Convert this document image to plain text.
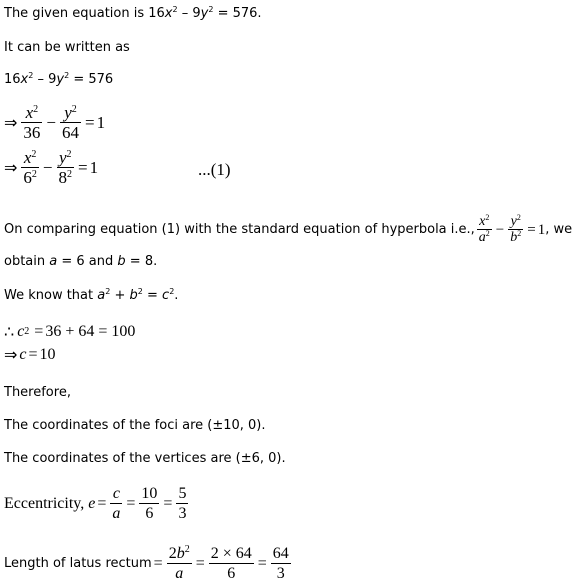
The given equation is $16x^2 - 9y^2 = 576$.
It can be written as
$16x^2 - 9y^2 = 576$
⇒ $\frac{x^2}{36} - \frac{y^2}{64} = 1$
⇒ $\frac{x^2}{6^2} - \frac{y^2}{8^2} = 1$	...(1)
On comparing equation (1) with the standard equation of hyperbola i.e., $\frac{x^2}{a^2} - \frac{y^2}{b^2} = 1$ , we
obtain a = 6 and b = 8.
We know that $a^2 + b^2 = c^2$.
∴ c 2 = 36 + 64 = 100
⇒ c = 10
Therefore,
The coordinates of the foci are (±10, 0).
The coordinates of the vertices are (±6, 0).
Eccentricity, $e = \frac{c}{a} = \frac{10}{6} = \frac{5}{3}$
Length of latus rectum = $\frac{2b^2}{a} = \frac{2 \times 64}{6} = \frac{64}{3}$
